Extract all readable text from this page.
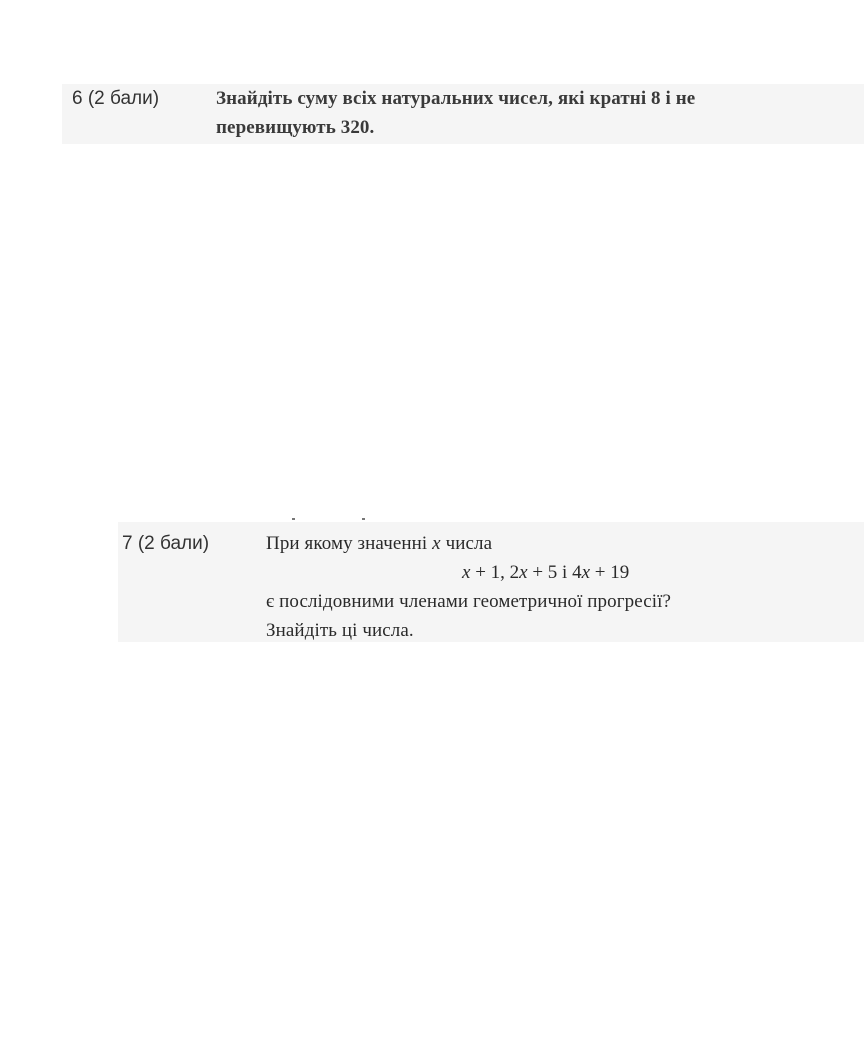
6 (2 бали)	Знайдіть суму всіх натуральних чисел, які кратні 8 і не
перевищують 320.
7 (2 бали)	При якому значенні x числа
x + 1, 2x + 5 і 4x + 19
є послідовними членами геометричної прогресії?
Знайдіть ці числа.
